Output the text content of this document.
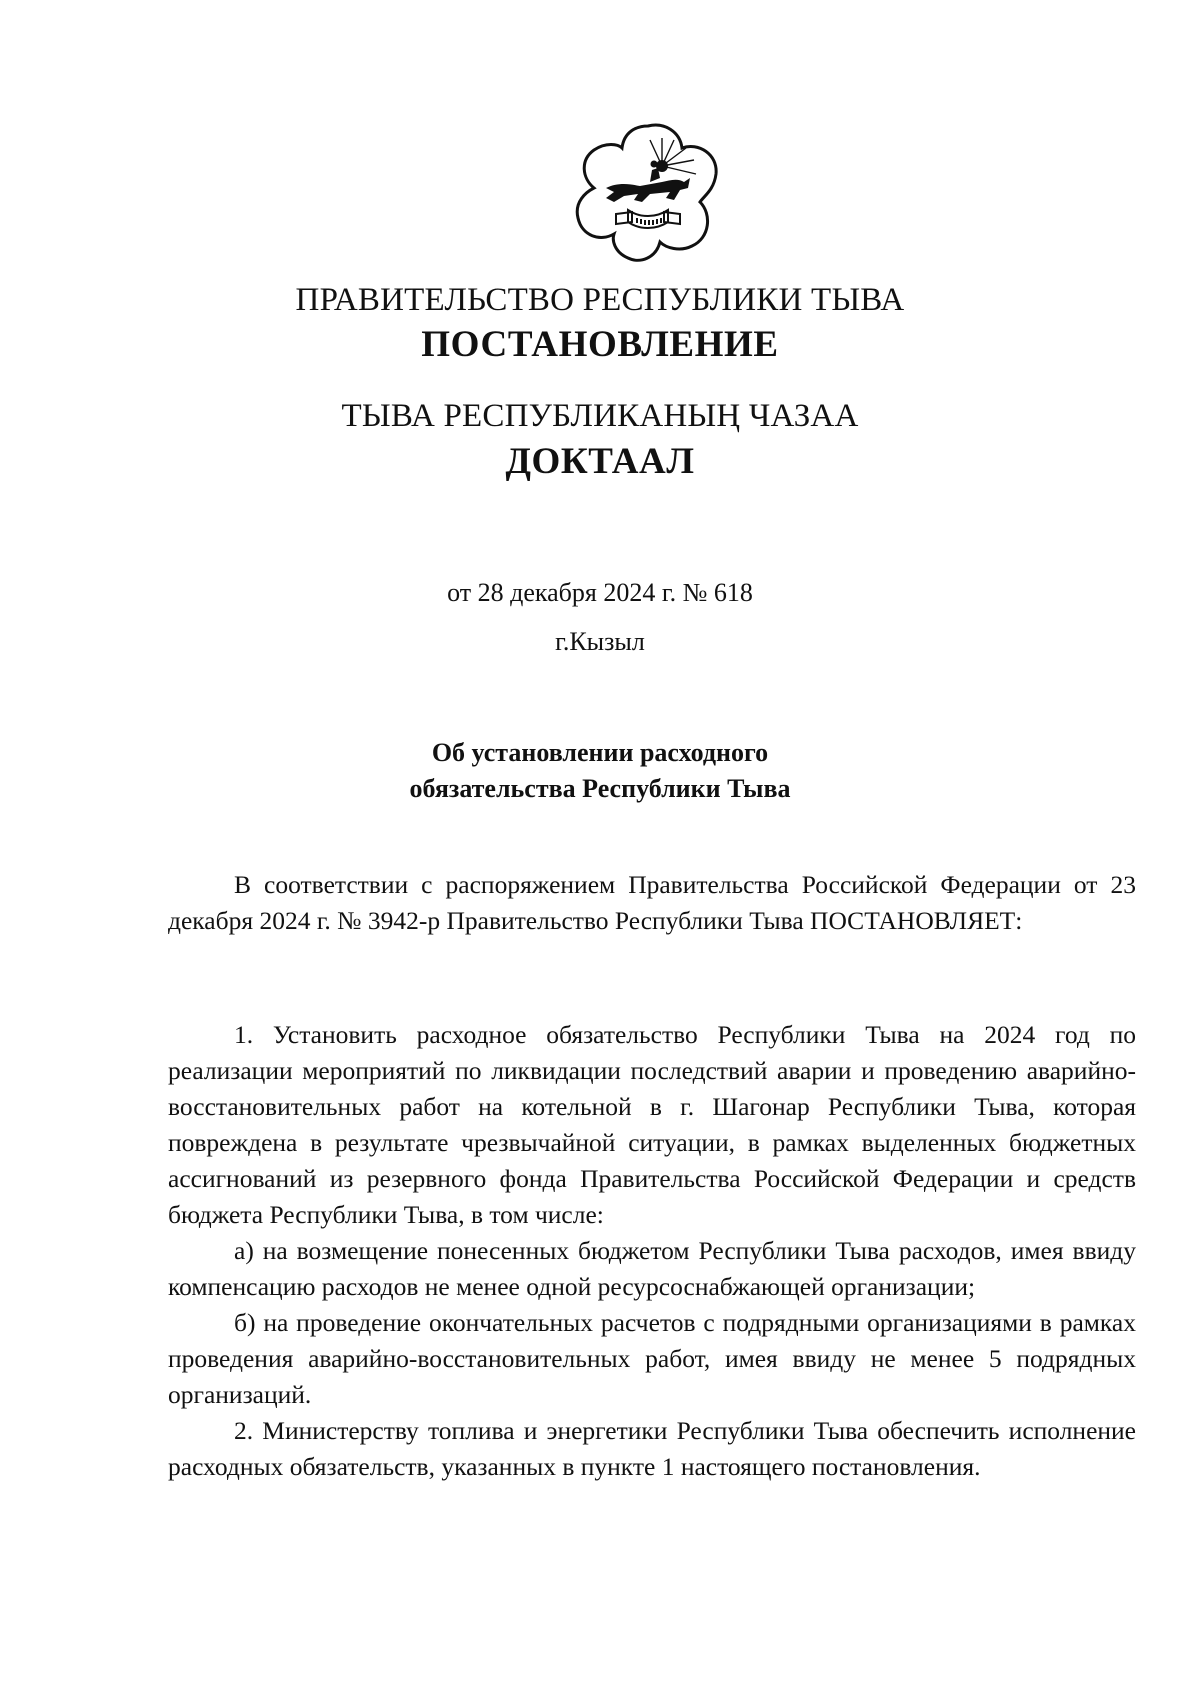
ПРАВИТЕЛЬСТВО РЕСПУБЛИКИ ТЫВА
ПОСТАНОВЛЕНИЕ
ТЫВА РЕСПУБЛИКАНЫҢ ЧАЗАА
ДОКТААЛ
от 28 декабря 2024 г. № 618
г.Кызыл
Об установлении расходного
обязательства Республики Тыва

В соответствии с распоряжением Правительства Российской Федерации от 23 декабря 2024 г. № 3942-р Правительство Республики Тыва ПОСТАНОВЛЯЕТ:

1. Установить расходное обязательство Республики Тыва на 2024 год по реализации мероприятий по ликвидации последствий аварии и проведению аварийно-восстановительных работ на котельной в г. Шагонар Республики Тыва, которая повреждена в результате чрезвычайной ситуации, в рамках выделенных бюджетных ассигнований из резервного фонда Правительства Российской Федерации и средств бюджета Республики Тыва, в том числе:

а) на возмещение понесенных бюджетом Республики Тыва расходов, имея ввиду компенсацию расходов не менее одной ресурсоснабжающей организации;

б) на проведение окончательных расчетов с подрядными организациями в рамках проведения аварийно-восстановительных работ, имея ввиду не менее 5 подрядных организаций.

2. Министерству топлива и энергетики Республики Тыва обеспечить исполнение расходных обязательств, указанных в пункте 1 настоящего постановления.
